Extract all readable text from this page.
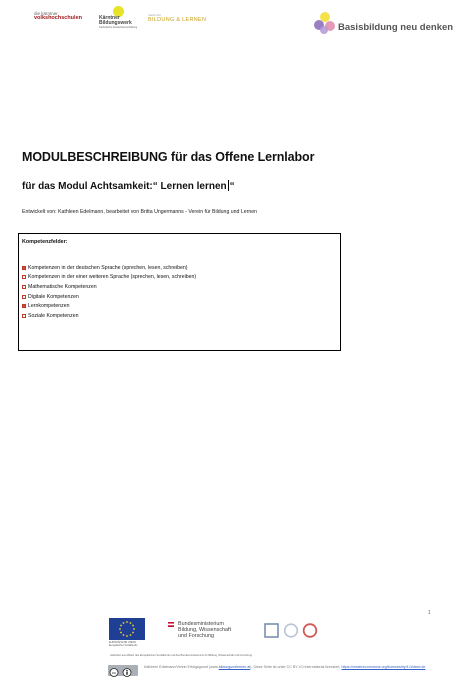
die kärntner
volkshochschulen	Kärntner
Bildungswerk
Katholische Erwachsenenbildung
Verein für
BILDUNG & LERNEN
Basisbildung neu denken
MODULBESCHREIBUNG für das Offene Lernlabor
für das Modul Achtsamkeit:“ Lernen lernen “
Entwickelt von: Kathleen Edelmann, bearbeitet von Britta Ungermanns - Verein für Bildung und Lernen
Kompetenzfelder:
Kompetenzen in der deutschen Sprache (sprechen, lesen, schreiben)
Kompetenzen in der einer weiteren Sprache (sprechen, lesen, schreiben)
Mathematische Kompetenzen
Digitale Kompetenzen
Lernkompetenzen
Soziale Kompetenzen
1
EUROPÄISCHE UNION
Europäischer Sozialfonds
Bundesministerium
Bildung, Wissenschaft
und Forschung
Gefördert aus Mitteln des Europäischen Sozialfonds und des Bundesministeriums für Bildung, Wissenschaft und Forschung
cc
Kathleen Edelmann/Verein Erfolgsgrund (www.bildungundlernen.at). Diese Seite ist unter CC BY 4.0 International lizenziert. https://creativecommons.org/licenses/by/4.0/deed.de
